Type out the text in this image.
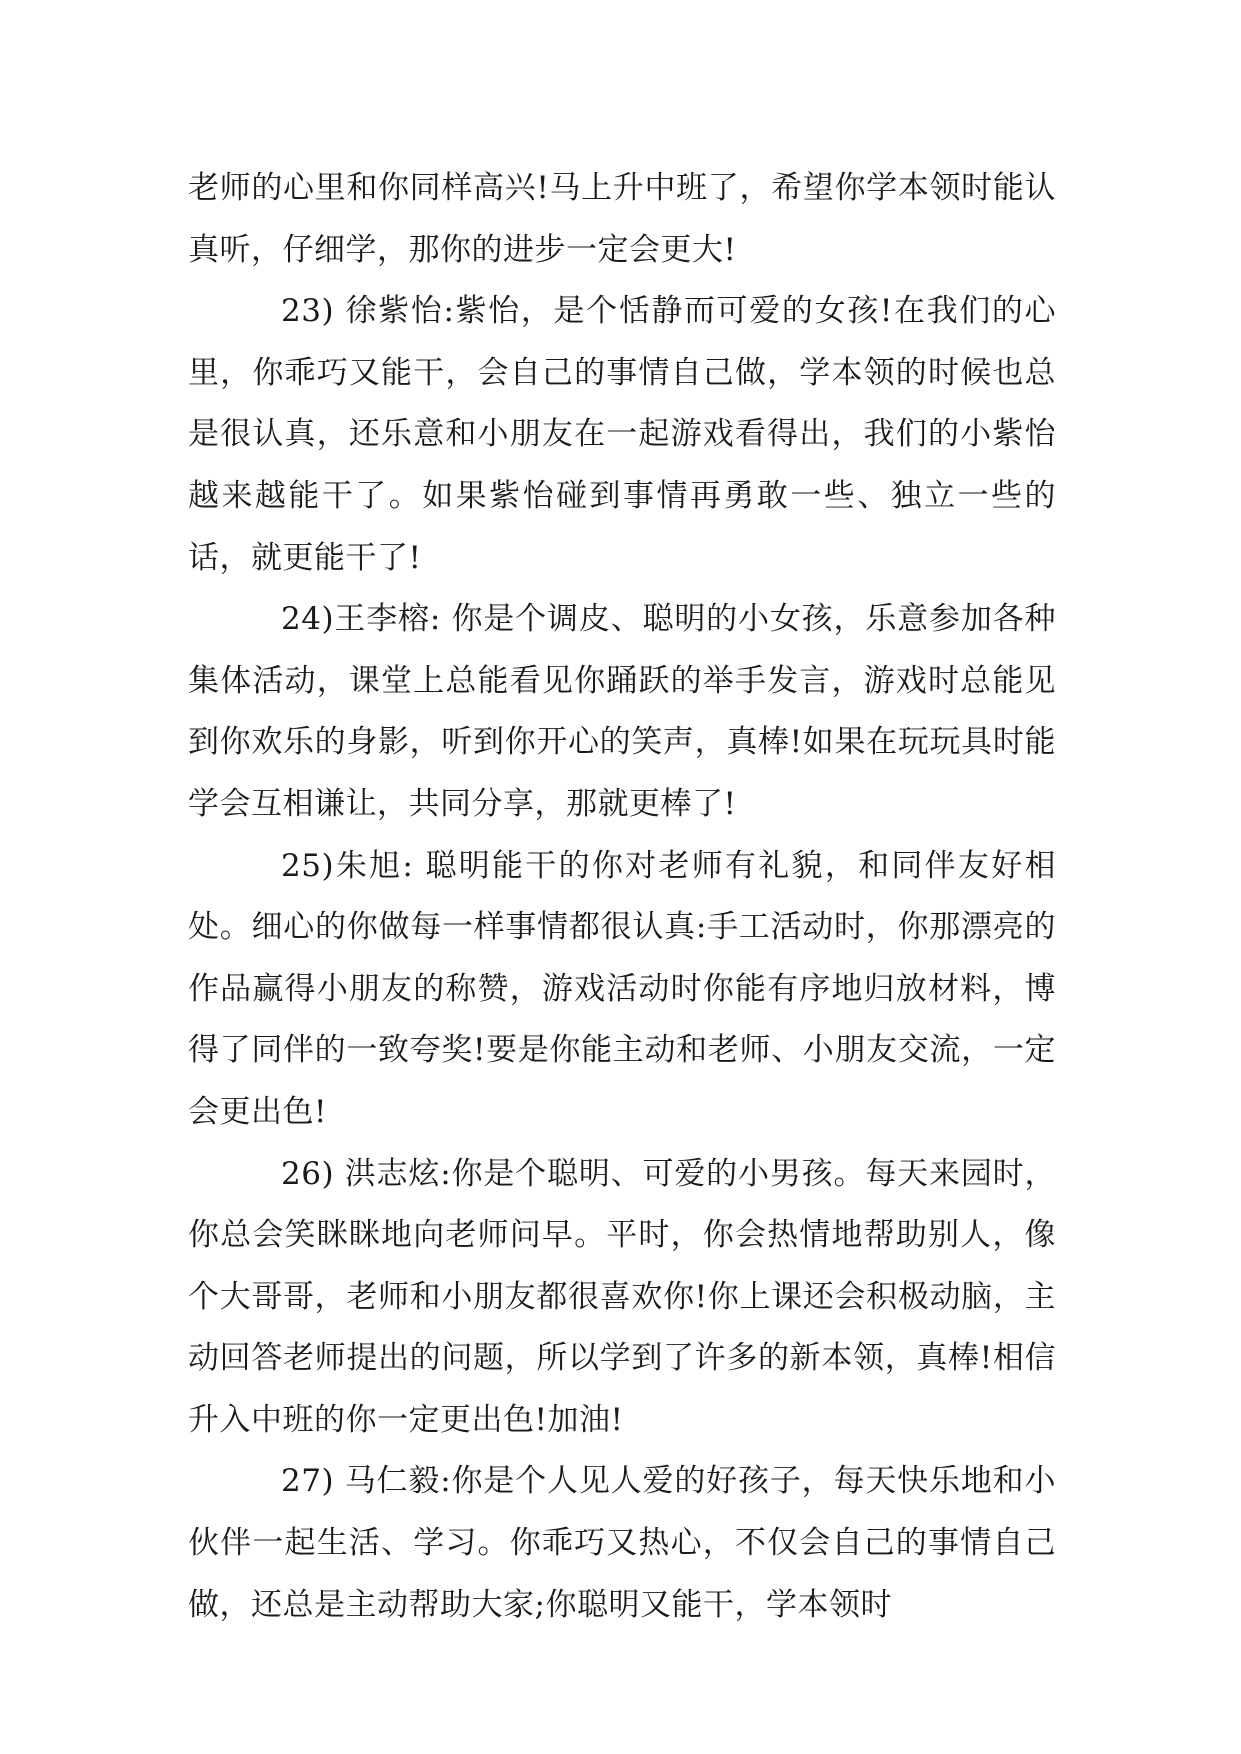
老师的心里和你同样高兴!马上升中班了，希望你学本领时能认真听，仔细学，那你的进步一定会更大!

23) 徐紫怡:紫怡，是个恬静而可爱的女孩!在我们的心里，你乖巧又能干，会自己的事情自己做，学本领的时候也总是很认真，还乐意和小朋友在一起游戏看得出，我们的小紫怡越来越能干了。如果紫怡碰到事情再勇敢一些、独立一些的话，就更能干了!

24)王李榕: 你是个调皮、聪明的小女孩，乐意参加各种集体活动，课堂上总能看见你踊跃的举手发言，游戏时总能见到你欢乐的身影，听到你开心的笑声，真棒!如果在玩玩具时能学会互相谦让，共同分享，那就更棒了!

25)朱旭: 聪明能干的你对老师有礼貌，和同伴友好相处。细心的你做每一样事情都很认真:手工活动时，你那漂亮的作品赢得小朋友的称赞，游戏活动时你能有序地归放材料，博得了同伴的一致夸奖!要是你能主动和老师、小朋友交流，一定会更出色!

26) 洪志炫:你是个聪明、可爱的小男孩。每天来园时，你总会笑眯眯地向老师问早。平时，你会热情地帮助别人，像个大哥哥，老师和小朋友都很喜欢你!你上课还会积极动脑，主动回答老师提出的问题，所以学到了许多的新本领，真棒!相信升入中班的你一定更出色!加油!

27) 马仁毅:你是个人见人爱的好孩子，每天快乐地和小伙伴一起生活、学习。你乖巧又热心，不仅会自己的事情自己做，还总是主动帮助大家;你聪明又能干，学本领时
